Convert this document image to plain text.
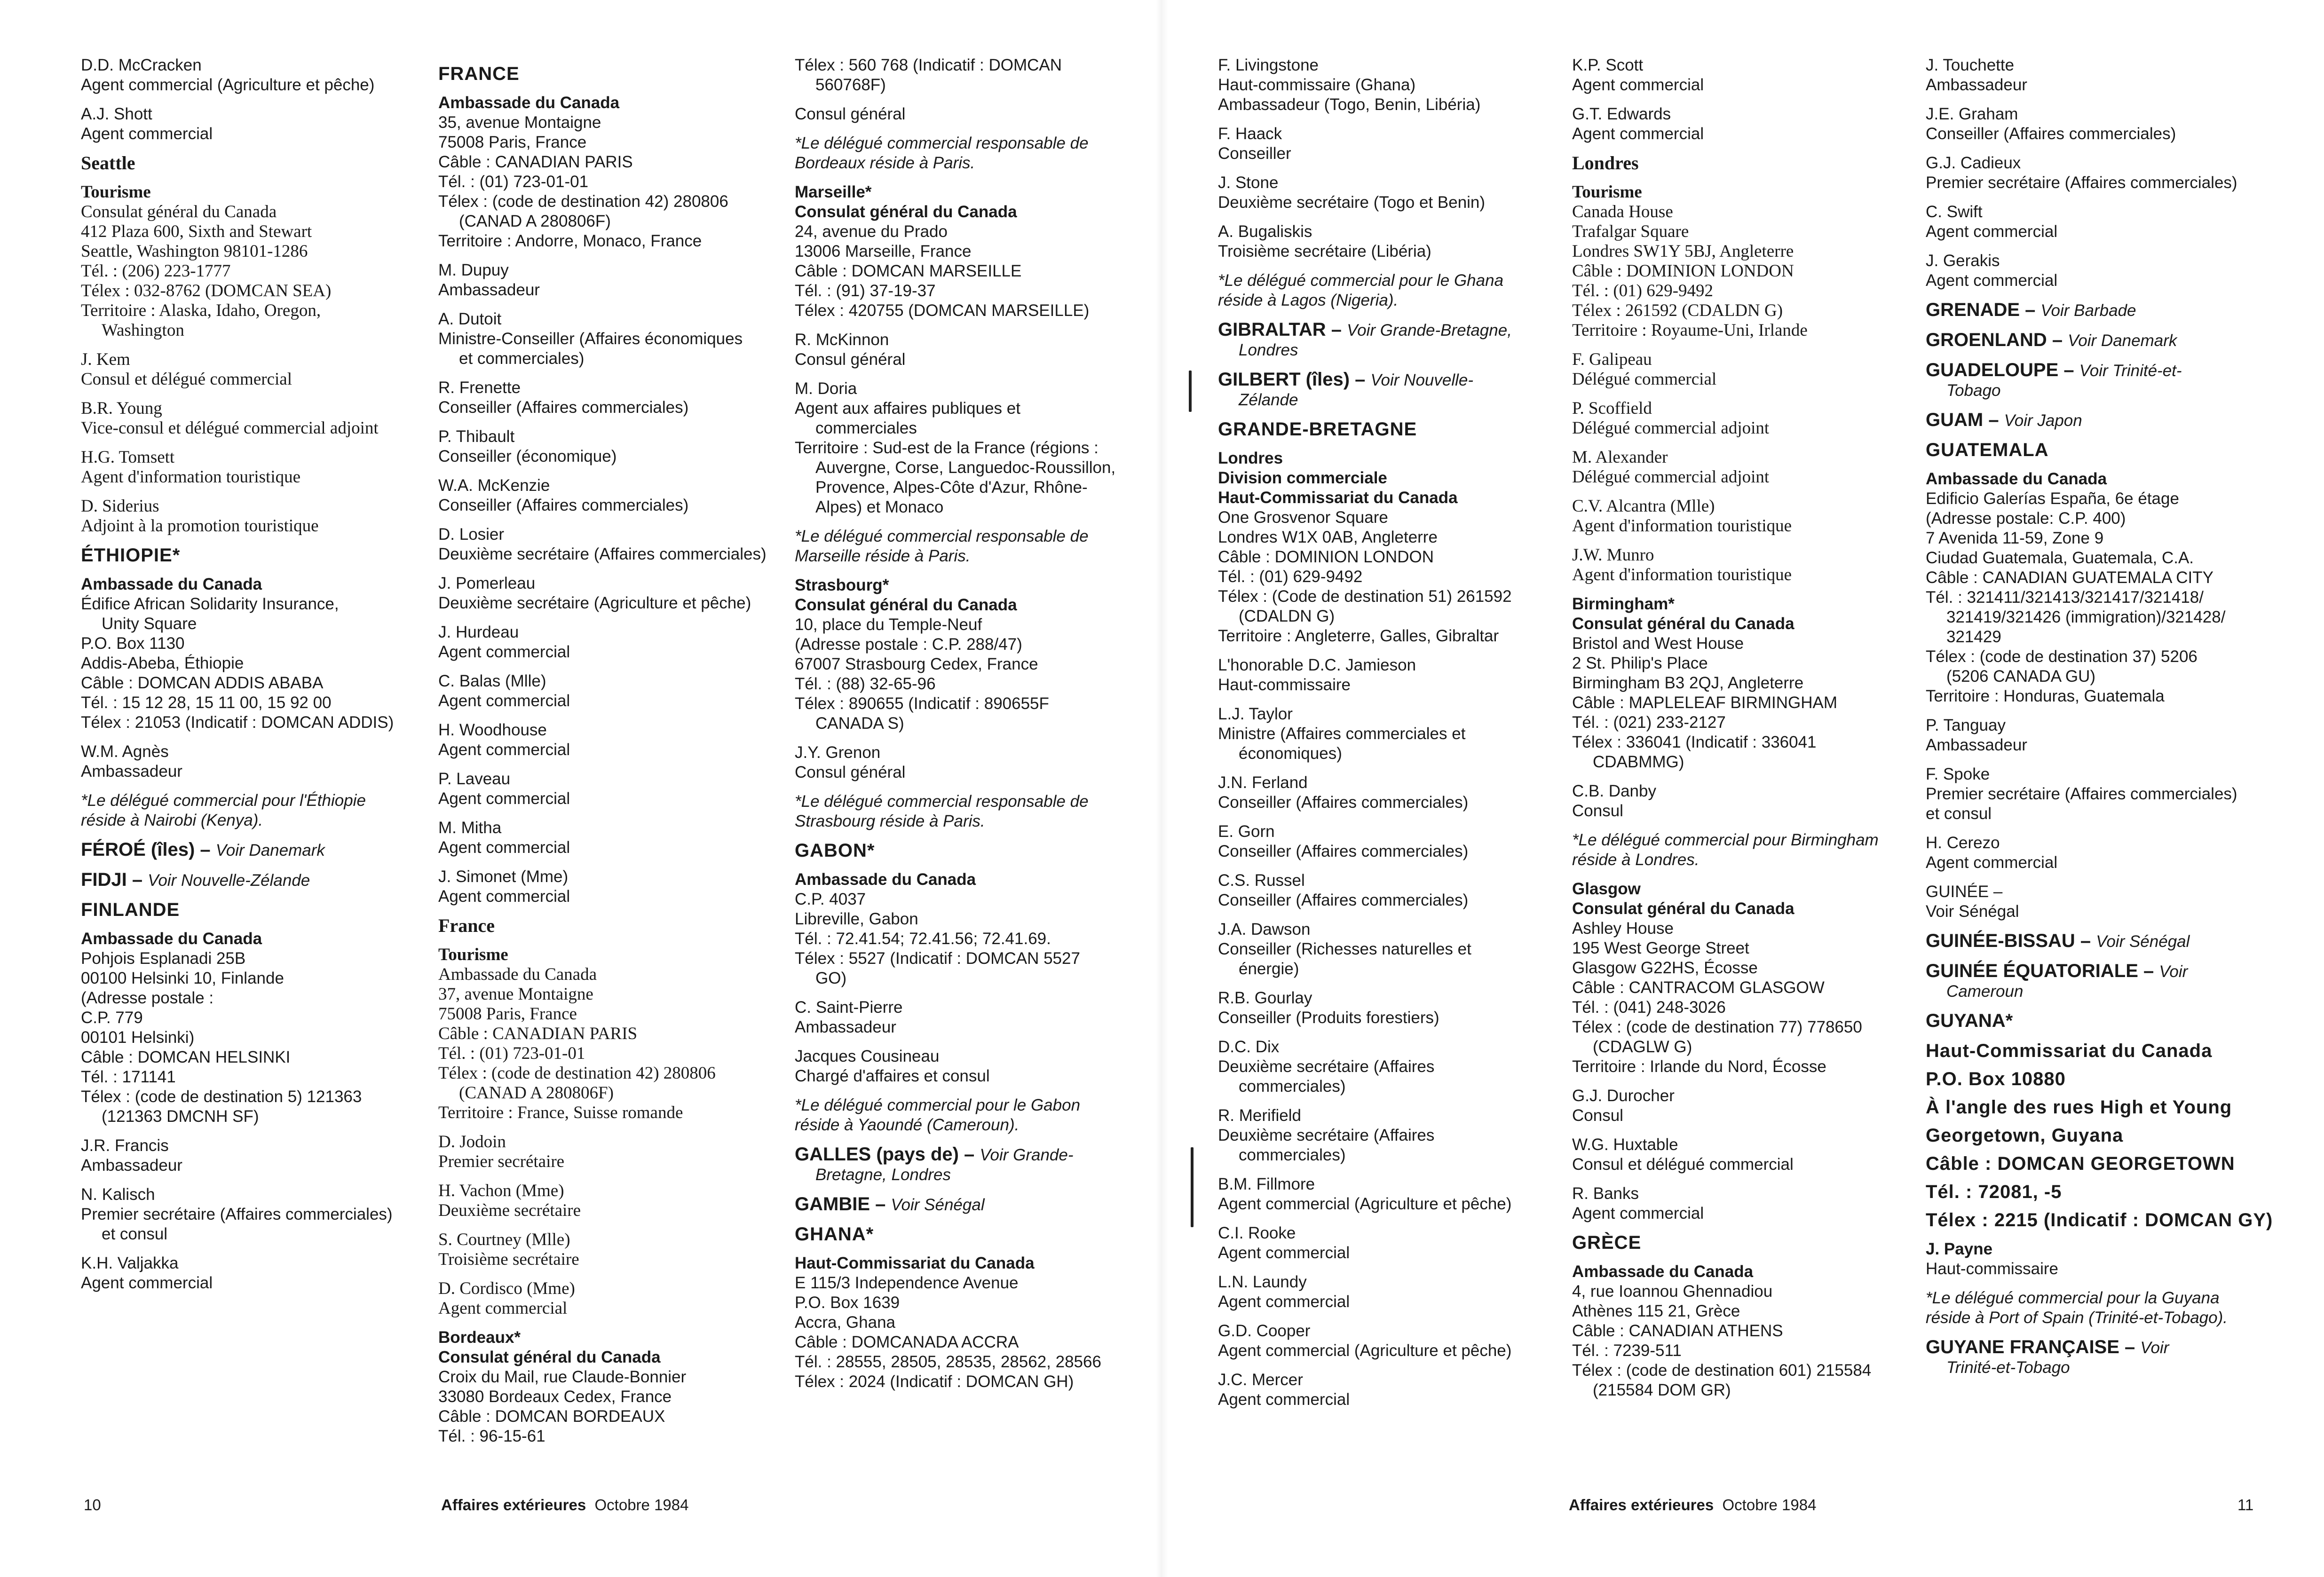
D.D. McCracken
Agent commercial (Agriculture et pêche)
A.J. Shott
Agent commercial
Seattle
Tourisme
Consulat général du Canada
412 Plaza 600, Sixth and Stewart
Seattle, Washington 98101-1286
Tél. : (206) 223-1777
Télex : 032-8762 (DOMCAN SEA)
Territoire : Alaska, Idaho, Oregon,
Washington
J. Kem
Consul et délégué commercial
B.R. Young
Vice-consul et délégué commercial adjoint
H.G. Tomsett
Agent d'information touristique
D. Siderius
Adjoint à la promotion touristique
ÉTHIOPIE*
Ambassade du Canada
Édifice African Solidarity Insurance,
Unity Square
P.O. Box 1130
Addis-Abeba, Éthiopie
Câble : DOMCAN ADDIS ABABA
Tél. : 15 12 28, 15 11 00, 15 92 00
Télex : 21053 (Indicatif : DOMCAN ADDIS)
W.M. Agnès
Ambassadeur
*Le délégué commercial pour l'Éthiopie
réside à Nairobi (Kenya).
FÉROÉ (îles) – Voir Danemark
FIDJI – Voir Nouvelle-Zélande
FINLANDE
Ambassade du Canada
Pohjois Esplanadi 25B
00100 Helsinki 10, Finlande
(Adresse postale :
C.P. 779
00101 Helsinki)
Câble : DOMCAN HELSINKI
Tél. : 171141
Télex : (code de destination 5) 121363
(121363 DMCNH SF)
J.R. Francis
Ambassadeur
N. Kalisch
Premier secrétaire (Affaires commerciales)
et consul
K.H. Valjakka
Agent commercial
FRANCE
Ambassade du Canada
35, avenue Montaigne
75008 Paris, France
Câble : CANADIAN PARIS
Tél. : (01) 723-01-01
Télex : (code de destination 42) 280806
(CANAD A 280806F)
Territoire : Andorre, Monaco, France
M. Dupuy
Ambassadeur
A. Dutoit
Ministre-Conseiller (Affaires économiques
et commerciales)
R. Frenette
Conseiller (Affaires commerciales)
P. Thibault
Conseiller (économique)
W.A. McKenzie
Conseiller (Affaires commerciales)
D. Losier
Deuxième secrétaire (Affaires commerciales)
J. Pomerleau
Deuxième secrétaire (Agriculture et pêche)
J. Hurdeau
Agent commercial
C. Balas (Mlle)
Agent commercial
H. Woodhouse
Agent commercial
P. Laveau
Agent commercial
M. Mitha
Agent commercial
J. Simonet (Mme)
Agent commercial
France
Tourisme
Ambassade du Canada
37, avenue Montaigne
75008 Paris, France
Câble : CANADIAN PARIS
Tél. : (01) 723-01-01
Télex : (code de destination 42) 280806
(CANAD A 280806F)
Territoire : France, Suisse romande
D. Jodoin
Premier secrétaire
H. Vachon (Mme)
Deuxième secrétaire
S. Courtney (Mlle)
Troisième secrétaire
D. Cordisco (Mme)
Agent commercial
Bordeaux*
Consulat général du Canada
Croix du Mail, rue Claude-Bonnier
33080 Bordeaux Cedex, France
Câble : DOMCAN BORDEAUX
Tél. : 96-15-61
Télex : 560 768 (Indicatif : DOMCAN
560768F)
Consul général
*Le délégué commercial responsable de
Bordeaux réside à Paris.
Marseille*
Consulat général du Canada
24, avenue du Prado
13006 Marseille, France
Câble : DOMCAN MARSEILLE
Tél. : (91) 37-19-37
Télex : 420755 (DOMCAN MARSEILLE)
R. McKinnon
Consul général
M. Doria
Agent aux affaires publiques et
commerciales
Territoire : Sud-est de la France (régions :
Auvergne, Corse, Languedoc-Roussillon,
Provence, Alpes-Côte d'Azur, Rhône-
Alpes) et Monaco
*Le délégué commercial responsable de
Marseille réside à Paris.
Strasbourg*
Consulat général du Canada
10, place du Temple-Neuf
(Adresse postale : C.P. 288/47)
67007 Strasbourg Cedex, France
Tél. : (88) 32-65-96
Télex : 890655 (Indicatif : 890655F
CANADA S)
J.Y. Grenon
Consul général
*Le délégué commercial responsable de
Strasbourg réside à Paris.
GABON*
Ambassade du Canada
C.P. 4037
Libreville, Gabon
Tél. : 72.41.54; 72.41.56; 72.41.69.
Télex : 5527 (Indicatif : DOMCAN 5527
GO)
C. Saint-Pierre
Ambassadeur
Jacques Cousineau
Chargé d'affaires et consul
*Le délégué commercial pour le Gabon
réside à Yaoundé (Cameroun).
GALLES (pays de) – Voir Grande-
Bretagne, Londres
GAMBIE – Voir Sénégal
GHANA*
Haut-Commissariat du Canada
E 115/3 Independence Avenue
P.O. Box 1639
Accra, Ghana
Câble : DOMCANADA ACCRA
Tél. : 28555, 28505, 28535, 28562, 28566
Télex : 2024 (Indicatif : DOMCAN GH)
F. Livingstone
Haut-commissaire (Ghana)
Ambassadeur (Togo, Benin, Libéria)
F. Haack
Conseiller
J. Stone
Deuxième secrétaire (Togo et Benin)
A. Bugaliskis
Troisième secrétaire (Libéria)
*Le délégué commercial pour le Ghana
réside à Lagos (Nigeria).
GIBRALTAR – Voir Grande-Bretagne,
Londres
GILBERT (îles) – Voir Nouvelle-
Zélande
GRANDE-BRETAGNE
Londres
Division commerciale
Haut-Commissariat du Canada
One Grosvenor Square
Londres W1X 0AB, Angleterre
Câble : DOMINION LONDON
Tél. : (01) 629-9492
Télex : (Code de destination 51) 261592
(CDALDN G)
Territoire : Angleterre, Galles, Gibraltar
L'honorable D.C. Jamieson
Haut-commissaire
L.J. Taylor
Ministre (Affaires commerciales et
économiques)
J.N. Ferland
Conseiller (Affaires commerciales)
E. Gorn
Conseiller (Affaires commerciales)
C.S. Russel
Conseiller (Affaires commerciales)
J.A. Dawson
Conseiller (Richesses naturelles et
énergie)
R.B. Gourlay
Conseiller (Produits forestiers)
D.C. Dix
Deuxième secrétaire (Affaires
commerciales)
R. Merifield
Deuxième secrétaire (Affaires
commerciales)
B.M. Fillmore
Agent commercial (Agriculture et pêche)
C.I. Rooke
Agent commercial
L.N. Laundy
Agent commercial
G.D. Cooper
Agent commercial (Agriculture et pêche)
J.C. Mercer
Agent commercial
K.P. Scott
Agent commercial
G.T. Edwards
Agent commercial
Londres
Tourisme
Canada House
Trafalgar Square
Londres SW1Y 5BJ, Angleterre
Câble : DOMINION LONDON
Tél. : (01) 629-9492
Télex : 261592 (CDALDN G)
Territoire : Royaume-Uni, Irlande
F. Galipeau
Délégué commercial
P. Scoffield
Délégué commercial adjoint
M. Alexander
Délégué commercial adjoint
C.V. Alcantra (Mlle)
Agent d'information touristique
J.W. Munro
Agent d'information touristique
Birmingham*
Consulat général du Canada
Bristol and West House
2 St. Philip's Place
Birmingham B3 2QJ, Angleterre
Câble : MAPLELEAF BIRMINGHAM
Tél. : (021) 233-2127
Télex : 336041 (Indicatif : 336041
CDABMMG)
C.B. Danby
Consul
*Le délégué commercial pour Birmingham
réside à Londres.
Glasgow
Consulat général du Canada
Ashley House
195 West George Street
Glasgow G22HS, Écosse
Câble : CANTRACOM GLASGOW
Tél. : (041) 248-3026
Télex : (code de destination 77) 778650
(CDAGLW G)
Territoire : Irlande du Nord, Écosse
G.J. Durocher
Consul
W.G. Huxtable
Consul et délégué commercial
R. Banks
Agent commercial
GRÈCE
Ambassade du Canada
4, rue Ioannou Ghennadiou
Athènes 115 21, Grèce
Câble : CANADIAN ATHENS
Tél. : 7239-511
Télex : (code de destination 601) 215584
(215584 DOM GR)
J. Touchette
Ambassadeur
J.E. Graham
Conseiller (Affaires commerciales)
G.J. Cadieux
Premier secrétaire (Affaires commerciales)
C. Swift
Agent commercial
J. Gerakis
Agent commercial
GRENADE – Voir Barbade
GROENLAND – Voir Danemark
GUADELOUPE – Voir Trinité-et-
Tobago
GUAM – Voir Japon
GUATEMALA
Ambassade du Canada
Edificio Galerías España, 6e étage
(Adresse postale: C.P. 400)
7 Avenida 11-59, Zone 9
Ciudad Guatemala, Guatemala, C.A.
Câble : CANADIAN GUATEMALA CITY
Tél. : 321411/321413/321417/321418/
321419/321426 (immigration)/321428/
321429
Télex : (code de destination 37) 5206
(5206 CANADA GU)
Territoire : Honduras, Guatemala
P. Tanguay
Ambassadeur
F. Spoke
Premier secrétaire (Affaires commerciales)
et consul
H. Cerezo
Agent commercial
GUINÉE –
Voir Sénégal
GUINÉE-BISSAU – Voir Sénégal
GUINÉE ÉQUATORIALE – Voir
Cameroun
GUYANA*
Haut-Commissariat du Canada
P.O. Box 10880
À l'angle des rues High et Young
Georgetown, Guyana
Câble : DOMCAN GEORGETOWN
Tél. : 72081, -5
Télex : 2215 (Indicatif : DOMCAN GY)
J. Payne
Haut-commissaire
*Le délégué commercial pour la Guyana
réside à Port of Spain (Trinité-et-Tobago).
GUYANE FRANÇAISE – Voir
Trinité-et-Tobago
10	Affaires extérieures Octobre 1984	Affaires extérieures Octobre 1984	11
